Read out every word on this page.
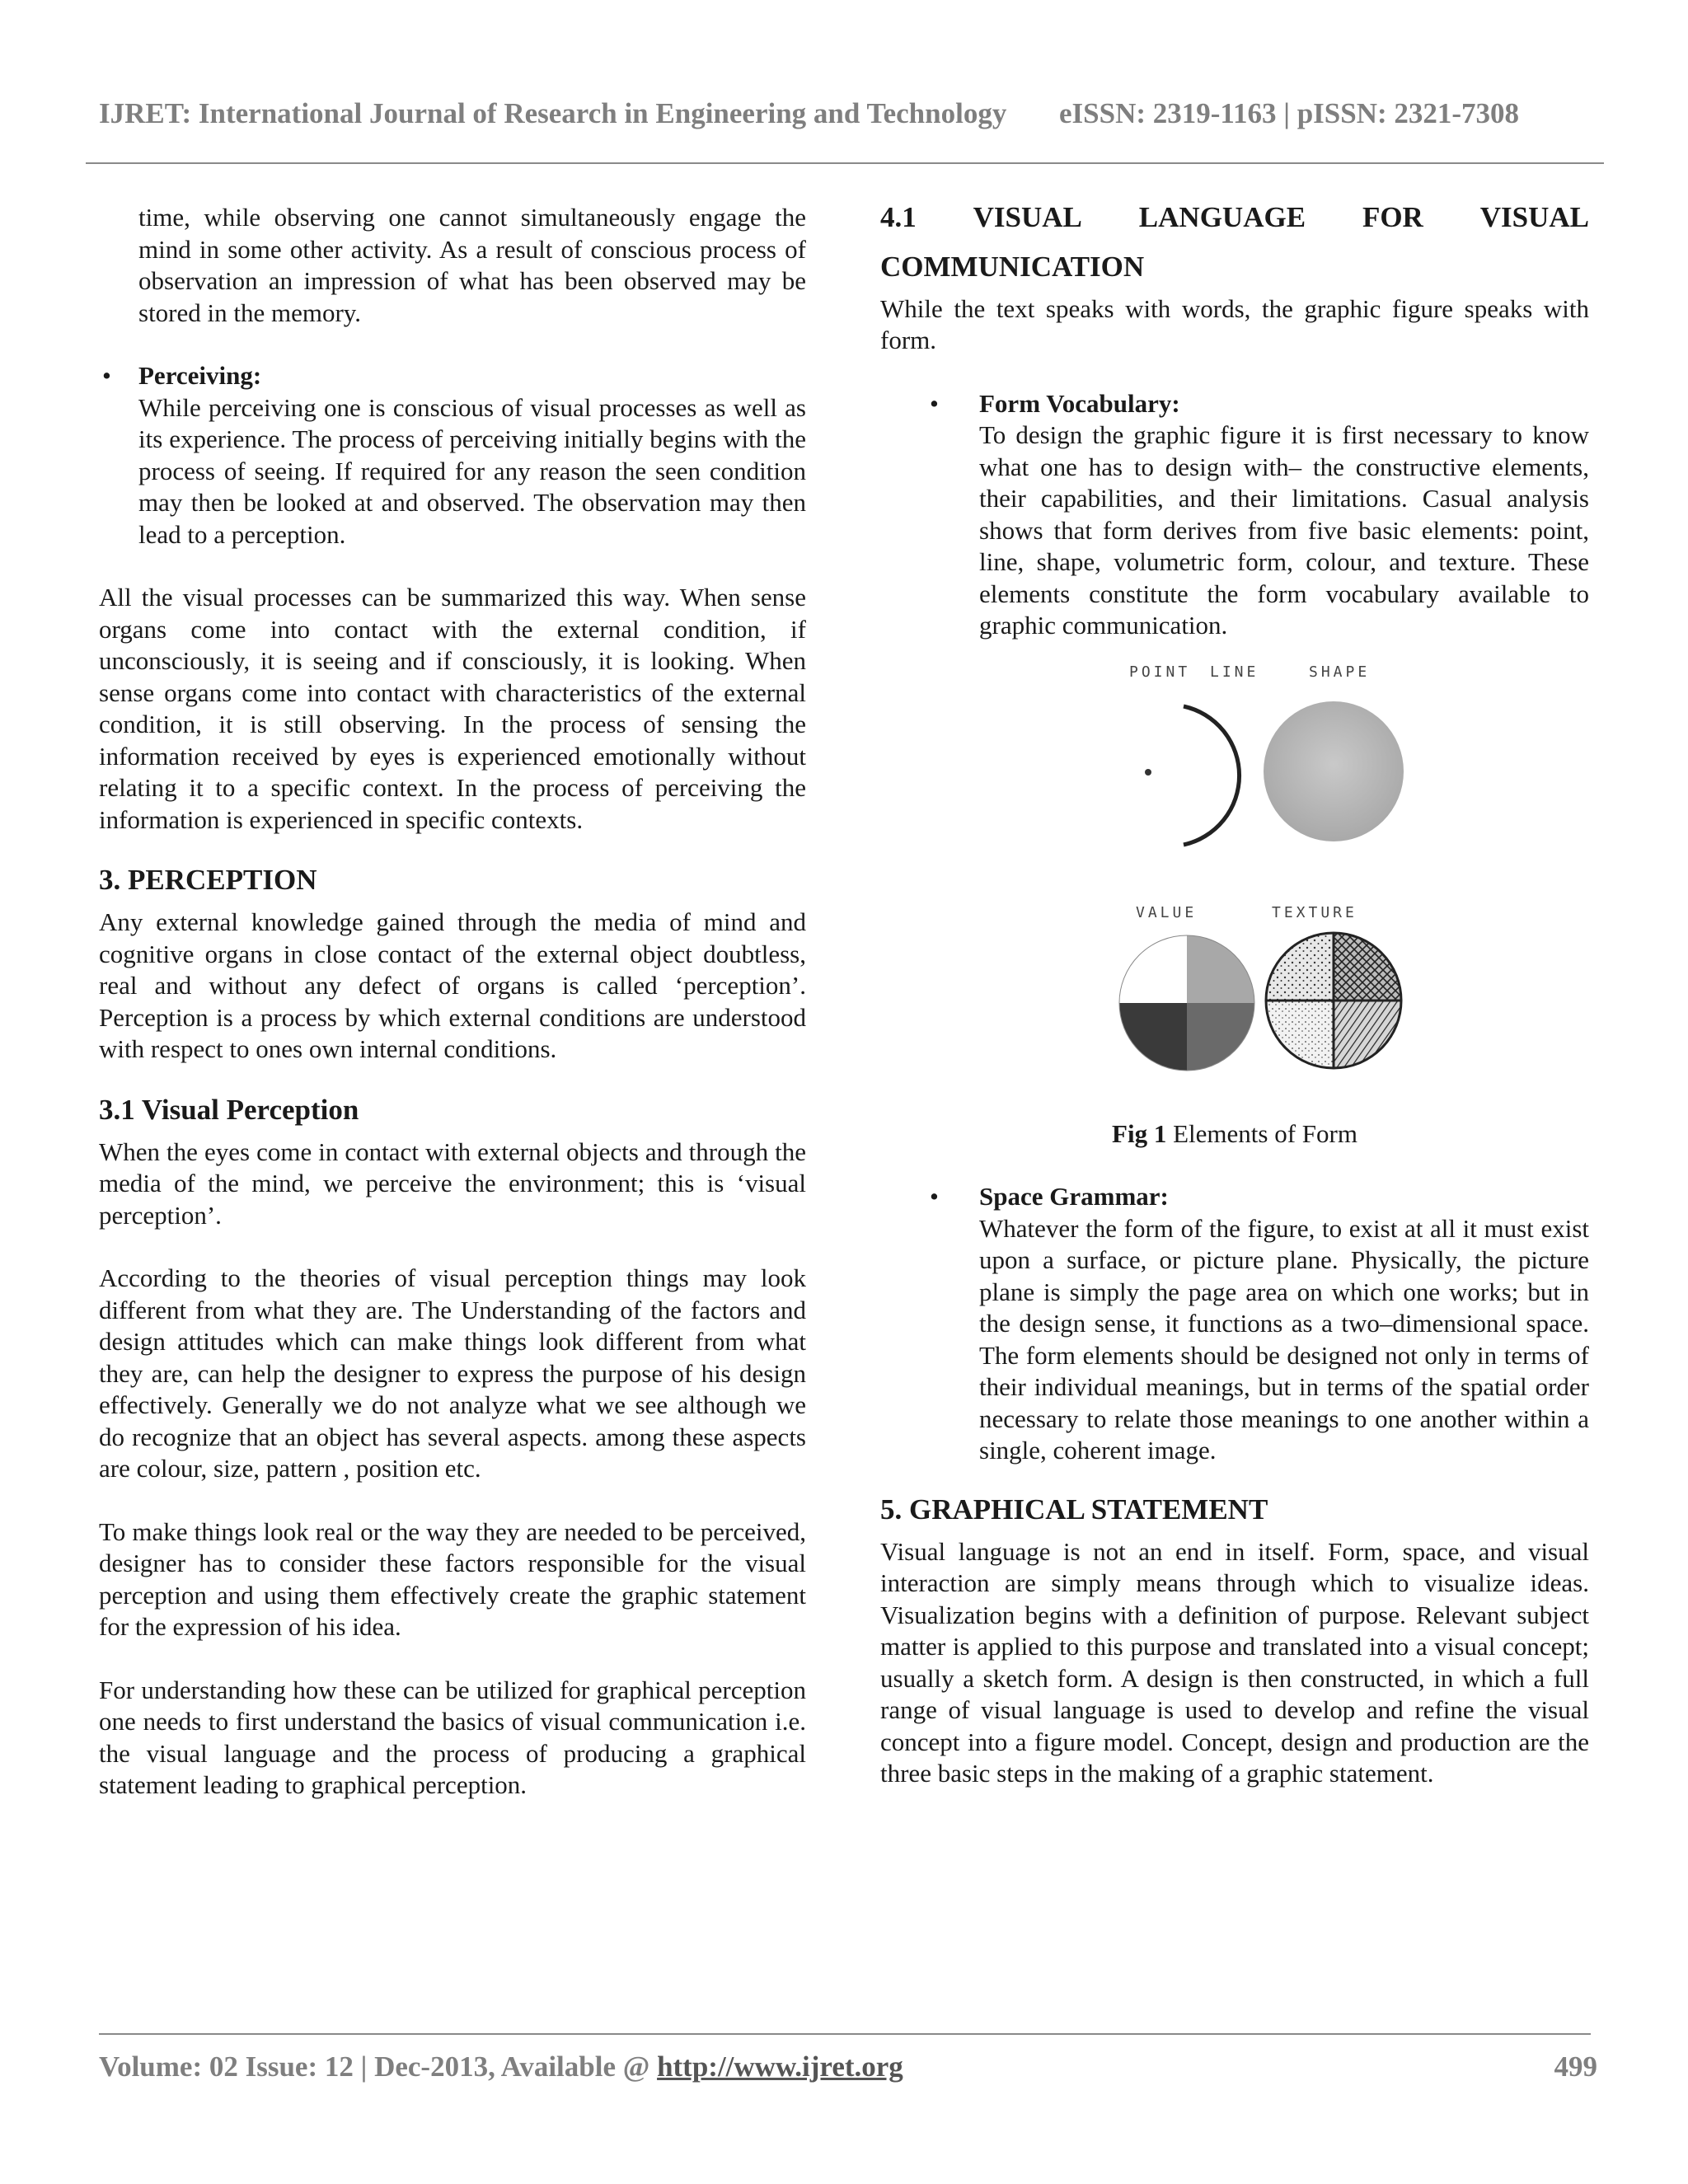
IJRET: International Journal of Research in Engineering and Technology eISSN: 2319-1163 | pISSN: 2321-7308

time, while observing one cannot simultaneously engage the mind in some other activity. As a result of conscious process of observation an impression of what has been observed may be stored in the memory.

• Perceiving:

While perceiving one is conscious of visual processes as well as its experience. The process of perceiving initially begins with the process of seeing. If required for any reason the seen condition may then be looked at and observed. The observation may then lead to a perception.

All the visual processes can be summarized this way. When sense organs come into contact with the external condition, if unconsciously, it is seeing and if consciously, it is looking. When sense organs come into contact with characteristics of the external condition, it is still observing. In the process of sensing the information received by eyes is experienced emotionally without relating it to a specific context. In the process of perceiving the information is experienced in specific contexts.

3. PERCEPTION

Any external knowledge gained through the media of mind and cognitive organs in close contact of the external object doubtless, real and without any defect of organs is called ‘perception’. Perception is a process by which external conditions are understood with respect to ones own internal conditions.

3.1 Visual Perception

When the eyes come in contact with external objects and through the media of the mind, we perceive the environment; this is ‘visual perception’.

According to the theories of visual perception things may look different from what they are. The Understanding of the factors and design attitudes which can make things look different from what they are, can help the designer to express the purpose of his design effectively. Generally we do not analyze what we see although we do recognize that an object has several aspects. among these aspects are colour, size, pattern , position etc.

To make things look real or the way they are needed to be perceived, designer has to consider these factors responsible for the visual perception and using them effectively create the graphic statement for the expression of his idea.

For understanding how these can be utilized for graphical perception one needs to first understand the basics of visual communication i.e. the visual language and the process of producing a graphical statement leading to graphical perception.

4.1 VISUAL LANGUAGE FOR VISUAL
COMMUNICATION

While the text speaks with words, the graphic figure speaks with form.

• Form Vocabulary:

To design the graphic figure it is first necessary to know what one has to design with– the constructive elements, their capabilities, and their limitations. Casual analysis shows that form derives from five basic elements: point, line, shape, volumetric form, colour, and texture. These elements constitute the form vocabulary available to graphic communication.

POINT LINE	SHAPE
VALUE	TEXTURE

Fig 1 Elements of Form

• Space Grammar:

Whatever the form of the figure, to exist at all it must exist upon a surface, or picture plane. Physically, the picture plane is simply the page area on which one works; but in the design sense, it functions as a two–dimensional space. The form elements should be designed not only in terms of their individual meanings, but in terms of the spatial order necessary to relate those meanings to one another within a single, coherent image.

5. GRAPHICAL STATEMENT

Visual language is not an end in itself. Form, space, and visual interaction are simply means through which to visualize ideas. Visualization begins with a definition of purpose. Relevant subject matter is applied to this purpose and translated into a visual concept; usually a sketch form. A design is then constructed, in which a full range of visual language is used to develop and refine the visual concept into a figure model. Concept, design and production are the three basic steps in the making of a graphic statement.

Volume: 02 Issue: 12 | Dec-2013, Available @ http://www.ijret.org	499
